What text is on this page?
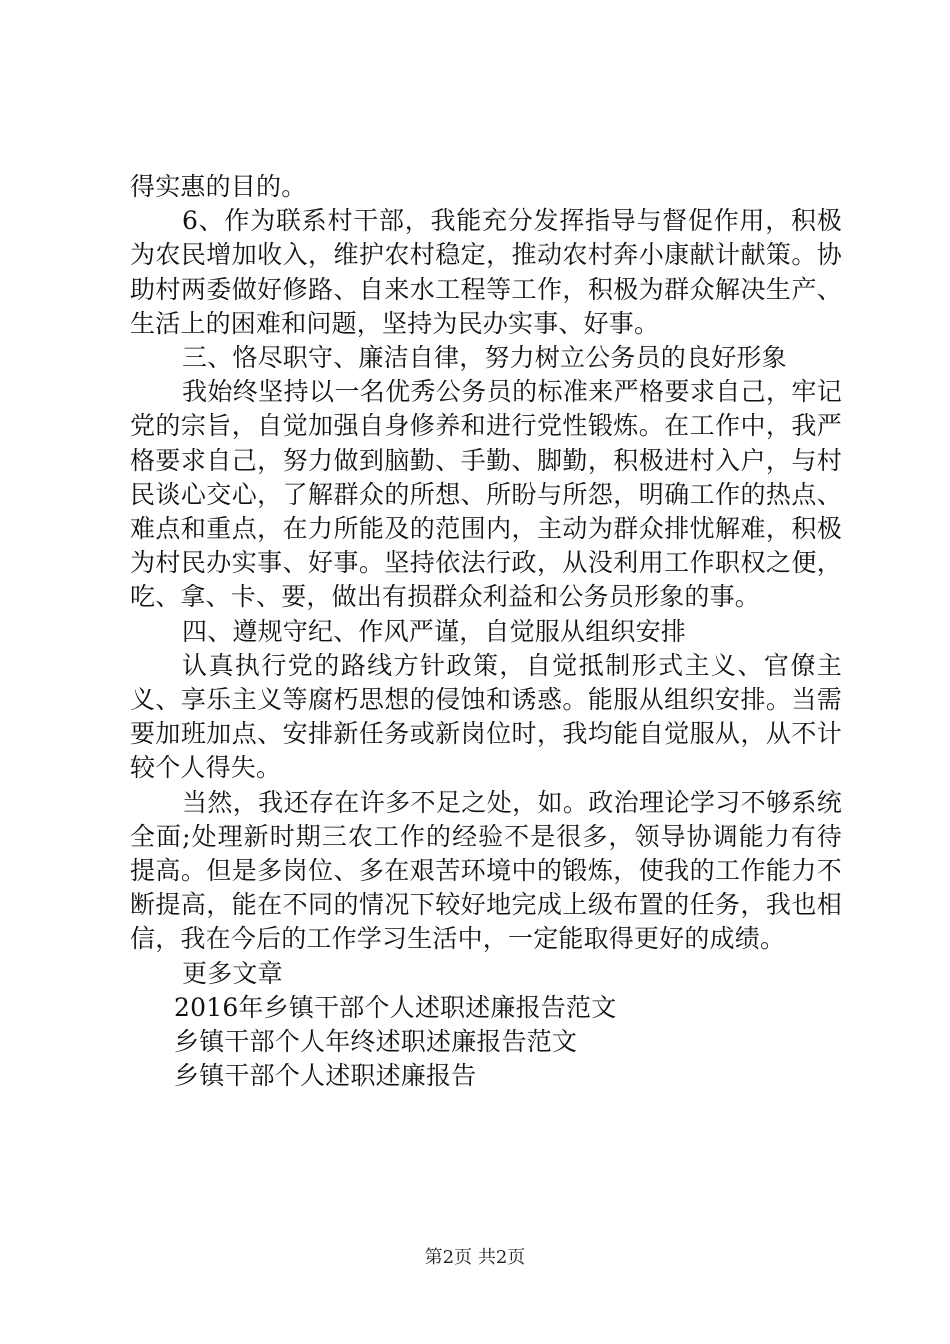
得实惠的目的。

6、作为联系村干部，我能充分发挥指导与督促作用，积极为农民增加收入，维护农村稳定，推动农村奔小康献计献策。协助村两委做好修路、自来水工程等工作，积极为群众解决生产、生活上的困难和问题，坚持为民办实事、好事。

三、恪尽职守、廉洁自律，努力树立公务员的良好形象

我始终坚持以一名优秀公务员的标准来严格要求自己，牢记党的宗旨，自觉加强自身修养和进行党性锻炼。在工作中，我严格要求自己，努力做到脑勤、手勤、脚勤，积极进村入户，与村民谈心交心，了解群众的所想、所盼与所怨，明确工作的热点、难点和重点，在力所能及的范围内，主动为群众排忧解难，积极为村民办实事、好事。坚持依法行政，从没利用工作职权之便，吃、拿、卡、要，做出有损群众利益和公务员形象的事。

四、遵规守纪、作风严谨，自觉服从组织安排

认真执行党的路线方针政策，自觉抵制形式主义、官僚主义、享乐主义等腐朽思想的侵蚀和诱惑。能服从组织安排。当需要加班加点、安排新任务或新岗位时，我均能自觉服从，从不计较个人得失。

当然，我还存在许多不足之处，如。政治理论学习不够系统全面;处理新时期三农工作的经验不是很多，领导协调能力有待提高。但是多岗位、多在艰苦环境中的锻炼，使我的工作能力不断提高，能在不同的情况下较好地完成上级布置的任务，我也相信，我在今后的工作学习生活中，一定能取得更好的成绩。

更多文章

2016年乡镇干部个人述职述廉报告范文

乡镇干部个人年终述职述廉报告范文

乡镇干部个人述职述廉报告

第2页 共2页
